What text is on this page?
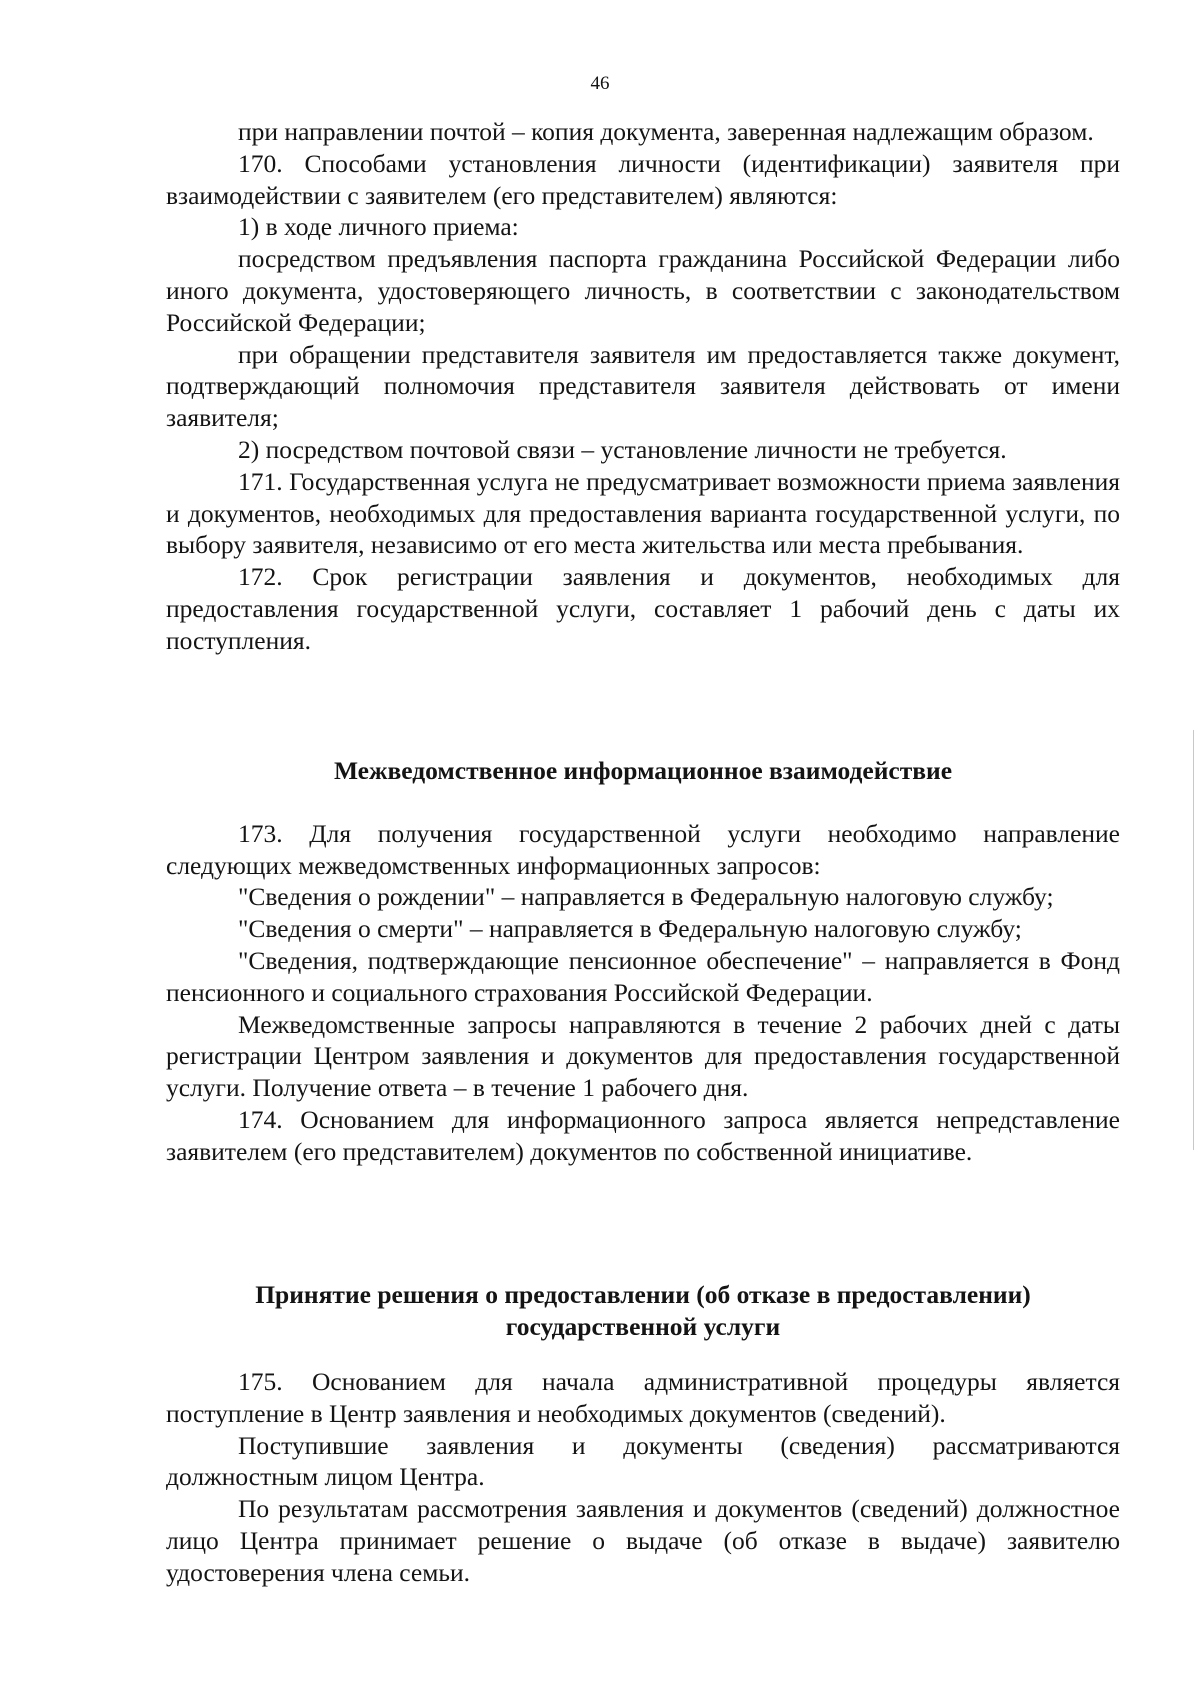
46

при направлении почтой – копия документа, заверенная надлежащим образом.

170. Способами установления личности (идентификации) заявителя при взаимодействии с заявителем (его представителем) являются:

1) в ходе личного приема:

посредством предъявления паспорта гражданина Российской Федерации либо иного документа, удостоверяющего личность, в соответствии с законодательством Российской Федерации;

при обращении представителя заявителя им предоставляется также документ, подтверждающий полномочия представителя заявителя действовать от имени заявителя;

2) посредством почтовой связи – установление личности не требуется.

171. Государственная услуга не предусматривает возможности приема заявления и документов, необходимых для предоставления варианта государственной услуги, по выбору заявителя, независимо от его места жительства или места пребывания.

172. Срок регистрации заявления и документов, необходимых для предоставления государственной услуги, составляет 1 рабочий день с даты их поступления.

Межведомственное информационное взаимодействие

173. Для получения государственной услуги необходимо направление следующих межведомственных информационных запросов:

"Сведения о рождении" – направляется в Федеральную налоговую службу;

"Сведения о смерти" – направляется в Федеральную налоговую службу;

"Сведения, подтверждающие пенсионное обеспечение" – направляется в Фонд пенсионного и социального страхования Российской Федерации.

Межведомственные запросы направляются в течение 2 рабочих дней с даты регистрации Центром заявления и документов для предоставления государственной услуги. Получение ответа – в течение 1 рабочего дня.

174. Основанием для информационного запроса является непредставление заявителем (его представителем) документов по собственной инициативе.

Принятие решения о предоставлении (об отказе в предоставлении)

государственной услуги

175. Основанием для начала административной процедуры является поступление в Центр заявления и необходимых документов (сведений).

Поступившие заявления и документы (сведения) рассматриваются должностным лицом Центра.

По результатам рассмотрения заявления и документов (сведений) должностное лицо Центра принимает решение о выдаче (об отказе в выдаче) заявителю удостоверения члена семьи.
